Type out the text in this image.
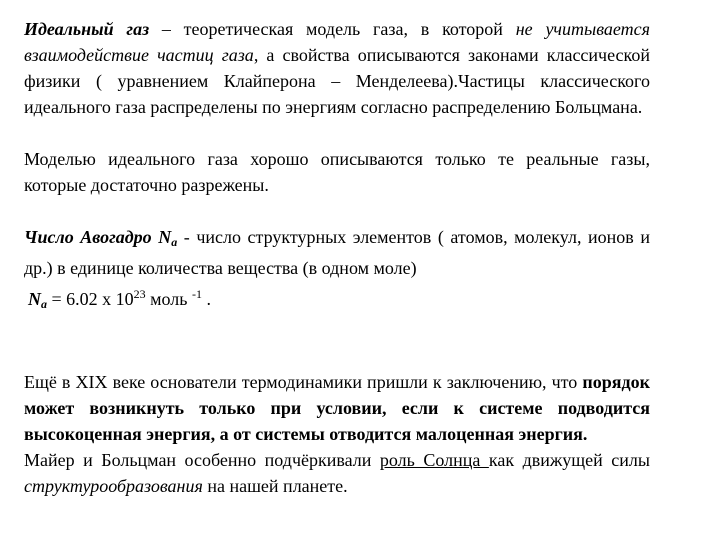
Идеальный газ – теоретическая модель газа, в которой не учитывается взаимодействие частиц газа, а свойства описываются законами классической физики ( уравнением Клайперона – Менделеева).Частицы классического идеального газа распределены по энергиям согласно распределению Больцмана.

Моделью идеального газа хорошо описываются только те реальные газы, которые достаточно разрежены.

Число Авогадро $N_a$ - число структурных элементов ( атомов, молекул, ионов и др.) в единице количества вещества (в одном моле)

$N_a = 6.02$ x $10^{23}$ моль $^{-1}$ .

Ещё в XIX веке основатели термодинамики пришли к заключению, что порядок может возникнуть только при условии, если к системе подводится высокоценная энергия, а от системы отводится малоценная энергия.

Майер и Больцман особенно подчёркивали роль Солнца как движущей силы структурообразования на нашей планете.
